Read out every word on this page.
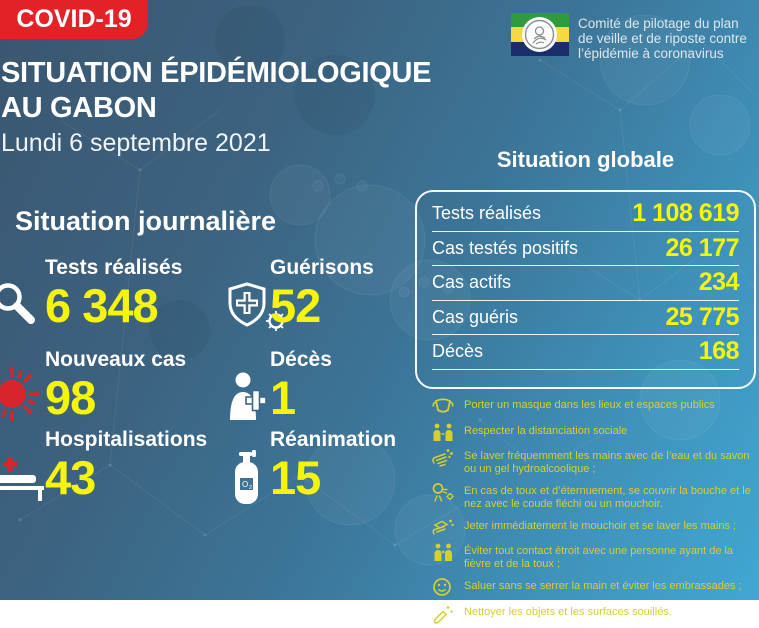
COVID-19	Comité de pilotage du plan
de veille et de riposte contre
l’épidémie à coronavirus
SITUATION ÉPIDÉMIOLOGIQUE
AU GABON
Lundi 6 septembre 2021
Situation journalière
O 2
Tests réalisés
6 348
Guérisons
52
Nouveaux cas
98
Décès
1
Hospitalisations
43
Réanimation
15
Situation globale
Tests réalisés	1 108 619
Cas testés positifs	26 177
Cas actifs	234
Cas guéris	25 775
Décès	168
Porter un masque dans les lieux et espaces publics
Respecter la distanciation sociale
Se laver fréquemment les mains avec de l’eau et du savon ou un gel hydroalcoolique ;
En cas de toux et d’éternuement, se couvrir la bouche et le nez avec le coude fléchi ou un mouchoir.
Jeter immédiatement le mouchoir et se laver les mains ;
Éviter tout contact étroit avec une personne ayant de la fièvre et de la toux ;
Saluer sans se serrer la main et éviter les embrassades ;
Nettoyer les objets et les surfaces souillés.
